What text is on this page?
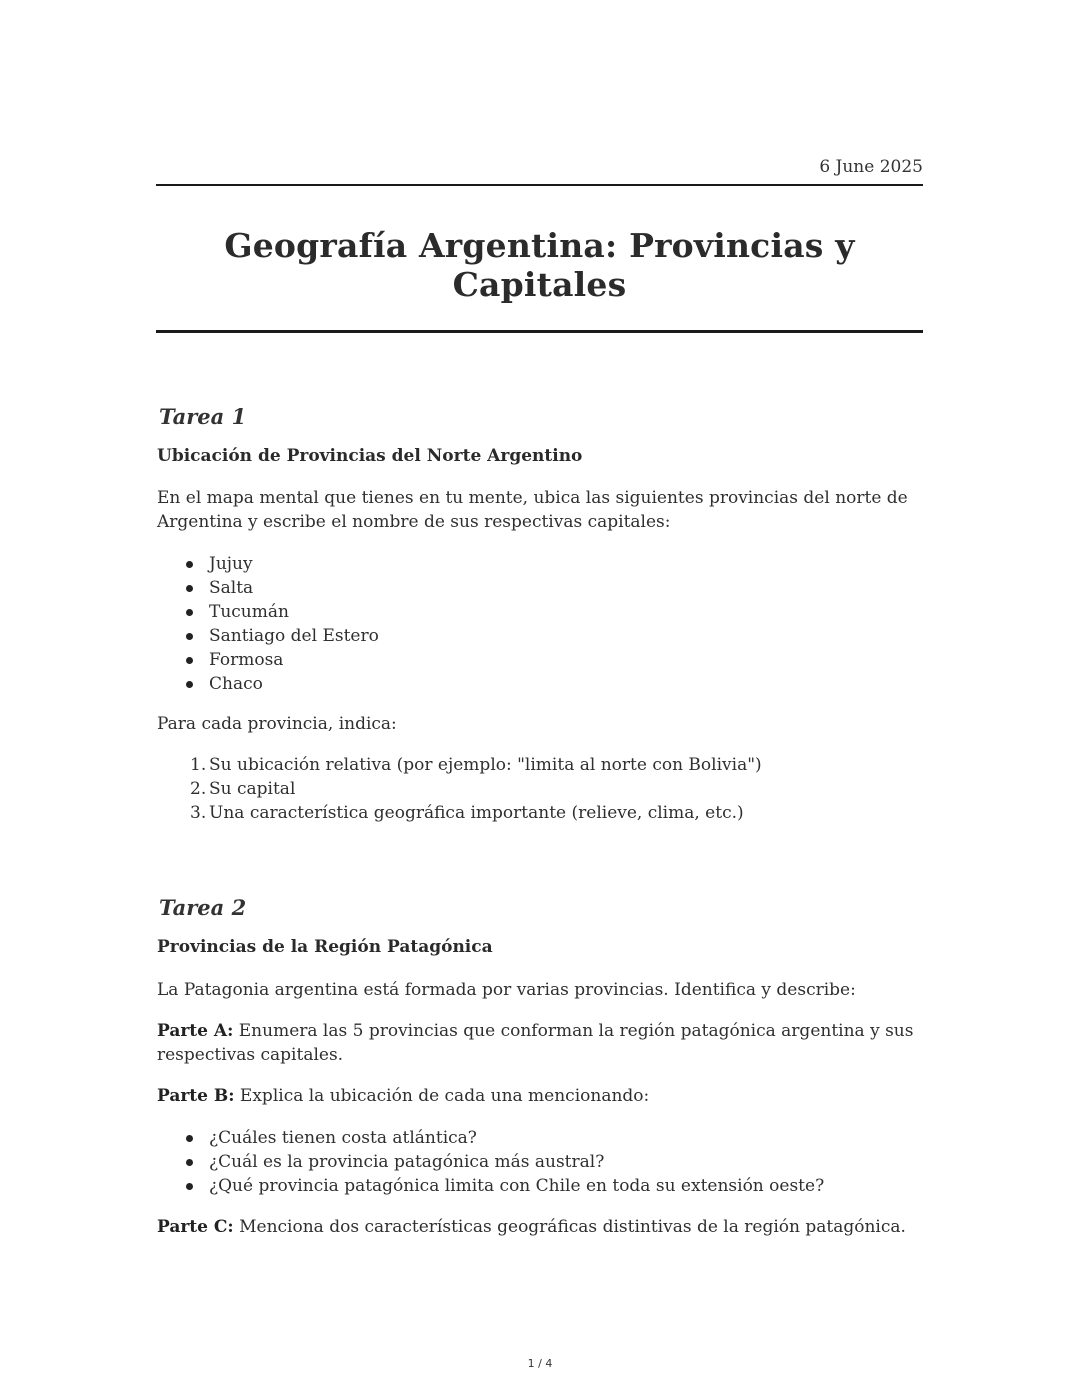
6 June 2025
Geografía Argentina: Provincias y Capitales
Tarea 1
Ubicación de Provincias del Norte Argentino

En el mapa mental que tienes en tu mente, ubica las siguientes provincias del norte de Argentina y escribe el nombre de sus respectivas capitales:

Jujuy
Salta
Tucumán
Santiago del Estero
Formosa
Chaco

Para cada provincia, indica:

1. Su ubicación relativa (por ejemplo: "limita al norte con Bolivia")
2. Su capital
3. Una característica geográfica importante (relieve, clima, etc.)
Tarea 2
Provincias de la Región Patagónica

La Patagonia argentina está formada por varias provincias. Identifica y describe:

Parte A: Enumera las 5 provincias que conforman la región patagónica argentina y sus respectivas capitales.

Parte B: Explica la ubicación de cada una mencionando:

¿Cuáles tienen costa atlántica?
¿Cuál es la provincia patagónica más austral?
¿Qué provincia patagónica limita con Chile en toda su extensión oeste?

Parte C: Menciona dos características geográficas distintivas de la región patagónica.

1 / 4
